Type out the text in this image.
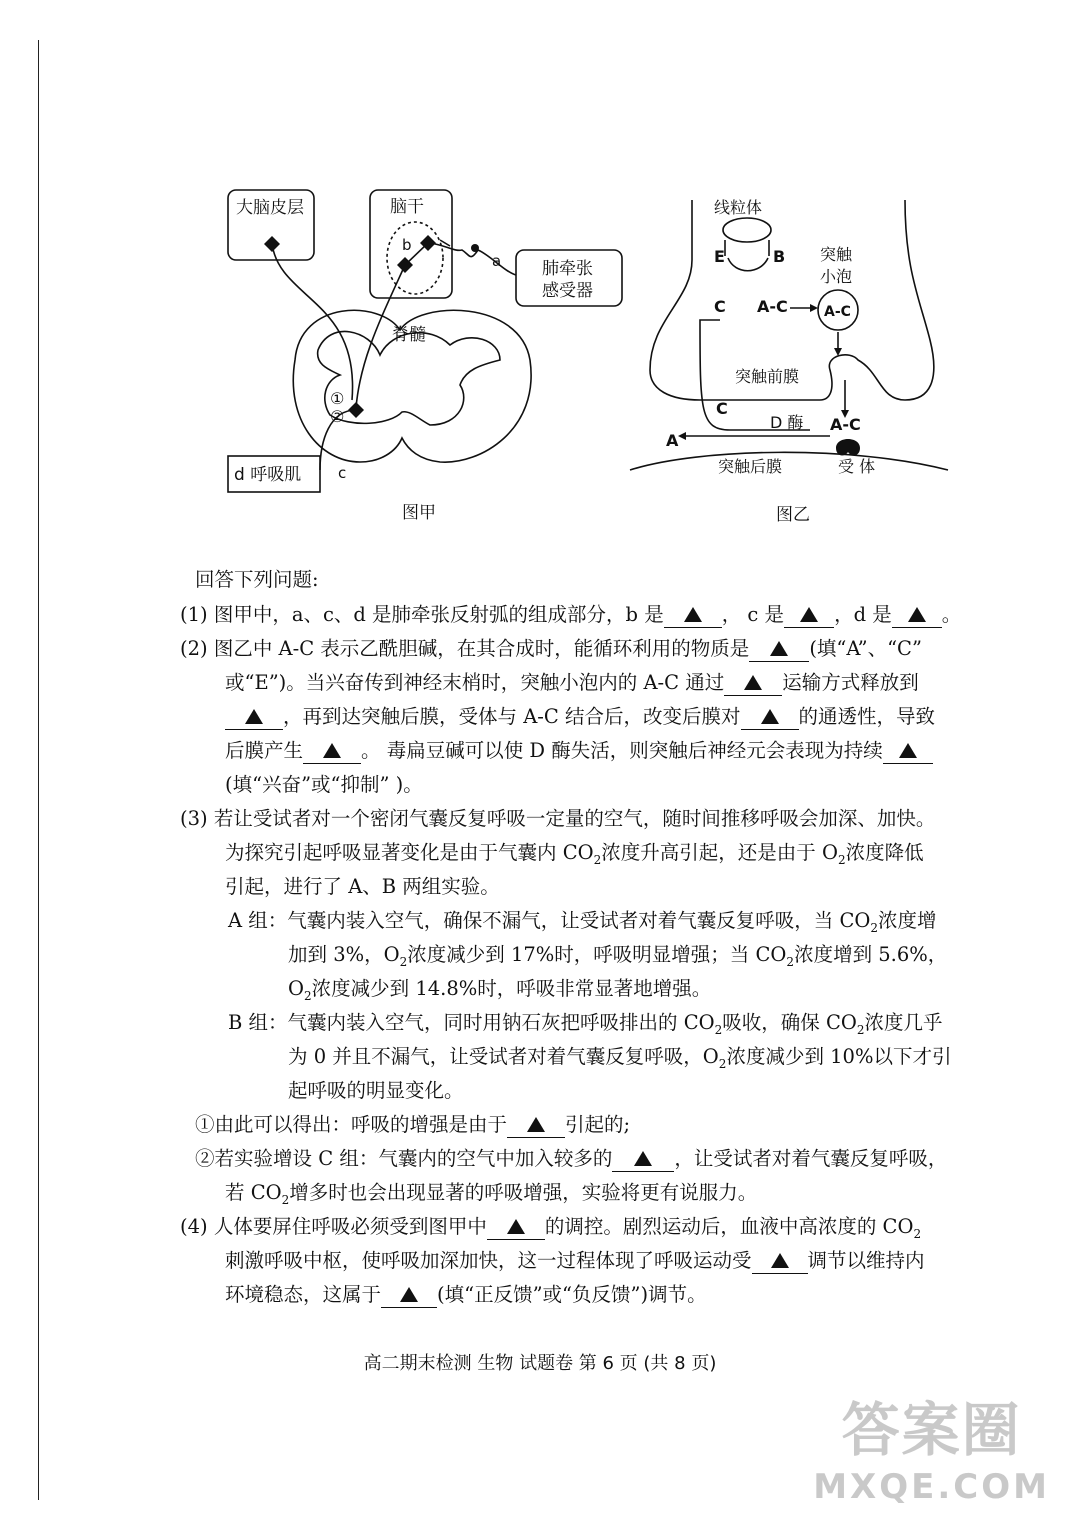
大脑皮层	脑干
肺牵张
感受器
脊髓
d 呼吸肌
a
b
c
①
②
图甲
线粒体
E	B
C A-C
突触
小泡
A-C
突触前膜
C
D 酶 A-C
A
突触后膜	受 体
图乙
回答下列问题:
(1) 图甲中，a、c、d 是肺牵张反射弧的组成部分，b 是	， c 是	，d 是	。
(2) 图乙中 A-C 表示乙酰胆碱，在其合成时，能循环利用的物质是	(填“A”、“C”
或“E”)。当兴奋传到神经末梢时，突触小泡内的 A-C 通过	运输方式释放到
，再到达突触后膜，受体与 A-C 结合后，改变后膜对	的通透性，导致
后膜产生	。 毒扁豆碱可以使 D 酶失活，则突触后神经元会表现为持续
(填“兴奋”或“抑制” )。
(3) 若让受试者对一个密闭气囊反复呼吸一定量的空气，随时间推移呼吸会加深、加快。
为探究引起呼吸显著变化是由于气囊内 $CO_2$浓度升高引起，还是由于 $O_2$浓度降低
引起，进行了 A、B 两组实验。
A 组：气囊内装入空气，确保不漏气，让受试者对着气囊反复呼吸，当 $CO_2$浓度增
加到 3%，$O_2$浓度减少到 17%时，呼吸明显增强；当 $CO_2$浓度增到 5.6%，
$O_2$浓度减少到 14.8%时，呼吸非常显著地增强。
B 组：气囊内装入空气，同时用钠石灰把呼吸排出的 $CO_2$吸收，确保 $CO_2$浓度几乎
为 0 并且不漏气，让受试者对着气囊反复呼吸，$O_2$浓度减少到 10%以下才引
起呼吸的明显变化。
①由此可以得出：呼吸的增强是由于	引起的;
②若实验增设 C 组：气囊内的空气中加入较多的	，让受试者对着气囊反复呼吸，
若 $CO_2$增多时也会出现显著的呼吸增强，实验将更有说服力。
(4) 人体要屏住呼吸必须受到图甲中	的调控。剧烈运动后，血液中高浓度的 $CO_2$
刺激呼吸中枢，使呼吸加深加快，这一过程体现了呼吸运动受	调节以维持内
环境稳态，这属于	(填“正反馈”或“负反馈”)调节。
高二期末检测 生物 试题卷 第 6 页 (共 8 页)
答案圈
MXQE.COM
